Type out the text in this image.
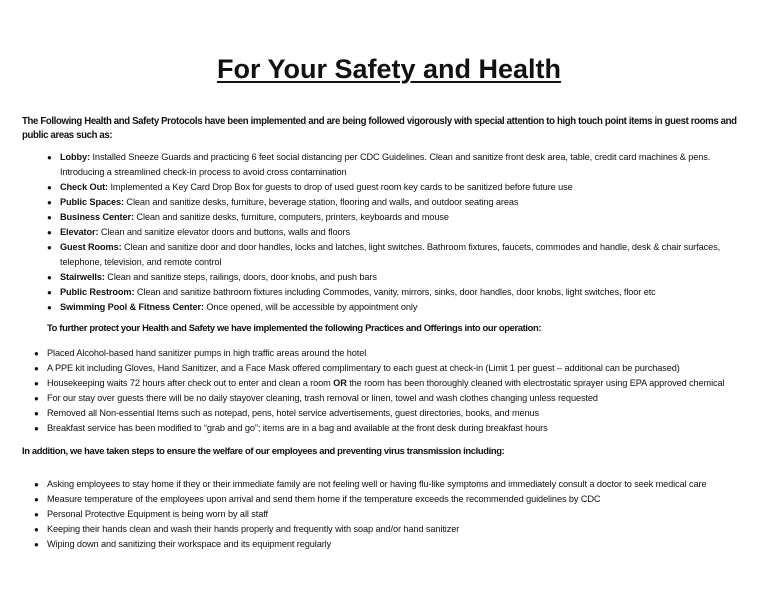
For Your Safety and Health

The Following Health and Safety Protocols have been implemented and are being followed vigorously with special attention to high touch point items in guest rooms and public areas such as:

● Lobby: Installed Sneeze Guards and practicing 6 feet social distancing per CDC Guidelines. Clean and sanitize front desk area, table, credit card machines & pens. Introducing a streamlined check-in process to avoid cross contamination
● Check Out: Implemented a Key Card Drop Box for guests to drop of used guest room key cards to be sanitized before future use
● Public Spaces: Clean and sanitize desks, furniture, beverage station, flooring and walls, and outdoor seating areas
● Business Center: Clean and sanitize desks, furniture, computers, printers, keyboards and mouse
● Elevator: Clean and sanitize elevator doors and buttons, walls and floors
● Guest Rooms: Clean and sanitize door and door handles, locks and latches, light switches. Bathroom fixtures, faucets, commodes and handle, desk & chair surfaces, telephone, television, and remote control
● Stairwells: Clean and sanitize steps, railings, doors, door knobs, and push bars
● Public Restroom: Clean and sanitize bathroom fixtures including Commodes, vanity, mirrors, sinks, door handles, door knobs, light switches, floor etc
● Swimming Pool & Fitness Center: Once opened, will be accessible by appointment only

To further protect your Health and Safety we have implemented the following Practices and Offerings into our operation:

● Placed Alcohol-based hand sanitizer pumps in high traffic areas around the hotel
● A PPE kit including Gloves, Hand Sanitizer, and a Face Mask offered complimentary to each guest at check-in (Limit 1 per guest – additional can be purchased)
● Housekeeping waits 72 hours after check out to enter and clean a room OR the room has been thoroughly cleaned with electrostatic sprayer using EPA approved chemical
● For our stay over guests there will be no daily stayover cleaning, trash removal or linen, towel and wash clothes changing unless requested
● Removed all Non-essential Items such as notepad, pens, hotel service advertisements, guest directories, books, and menus
● Breakfast service has been modified to “grab and go”; items are in a bag and available at the front desk during breakfast hours

In addition, we have taken steps to ensure the welfare of our employees and preventing virus transmission including:

● Asking employees to stay home if they or their immediate family are not feeling well or having flu-like symptoms and immediately consult a doctor to seek medical care
● Measure temperature of the employees upon arrival and send them home if the temperature exceeds the recommended guidelines by CDC
● Personal Protective Equipment is being worn by all staff
● Keeping their hands clean and wash their hands properly and frequently with soap and/or hand sanitizer
● Wiping down and sanitizing their workspace and its equipment regularly
